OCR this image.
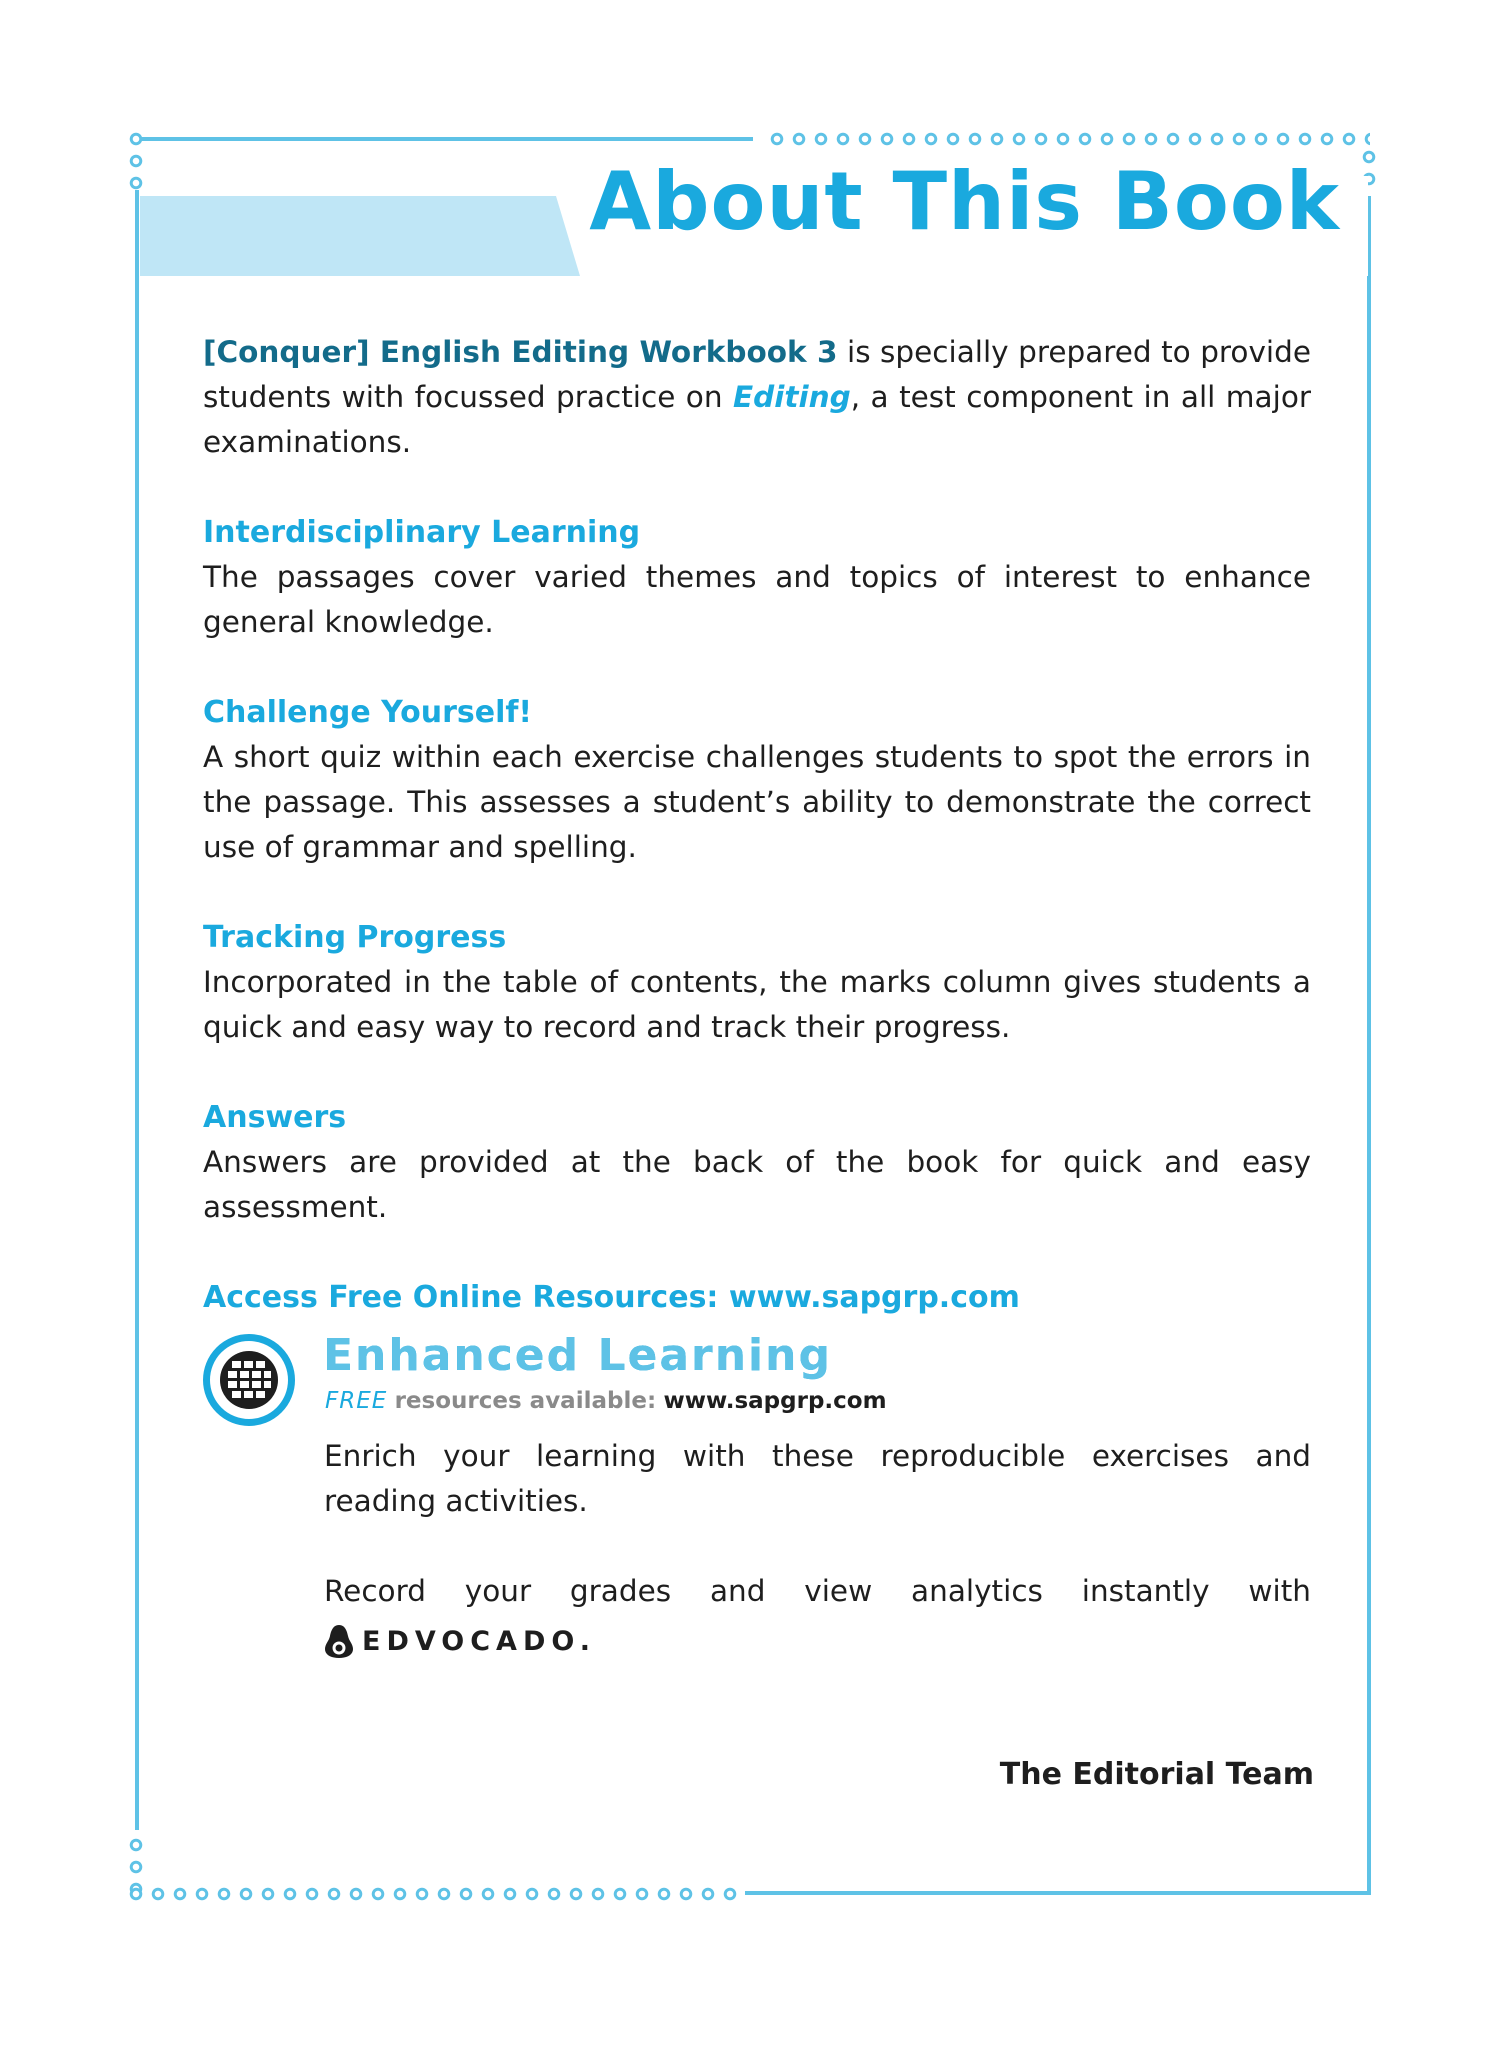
About This Book

[Conquer] English Editing Workbook 3 is specially prepared to provide students with focussed practice on Editing, a test component in all major examinations.

Interdisciplinary Learning

The passages cover varied themes and topics of interest to enhance general knowledge.

Challenge Yourself!

A short quiz within each exercise challenges students to spot the errors in the passage. This assesses a student’s ability to demonstrate the correct use of grammar and spelling.

Tracking Progress

Incorporated in the table of contents, the marks column gives students a quick and easy way to record and track their progress.

Answers

Answers are provided at the back of the book for quick and easy assessment.

Access Free Online Resources: www.sapgrp.com

Enhanced Learning
FREE resources available: www.sapgrp.com

Enrich your learning with these reproducible exercises and reading activities.

Record your grades and view analytics instantly with

EDVOCADO.

The Editorial Team
